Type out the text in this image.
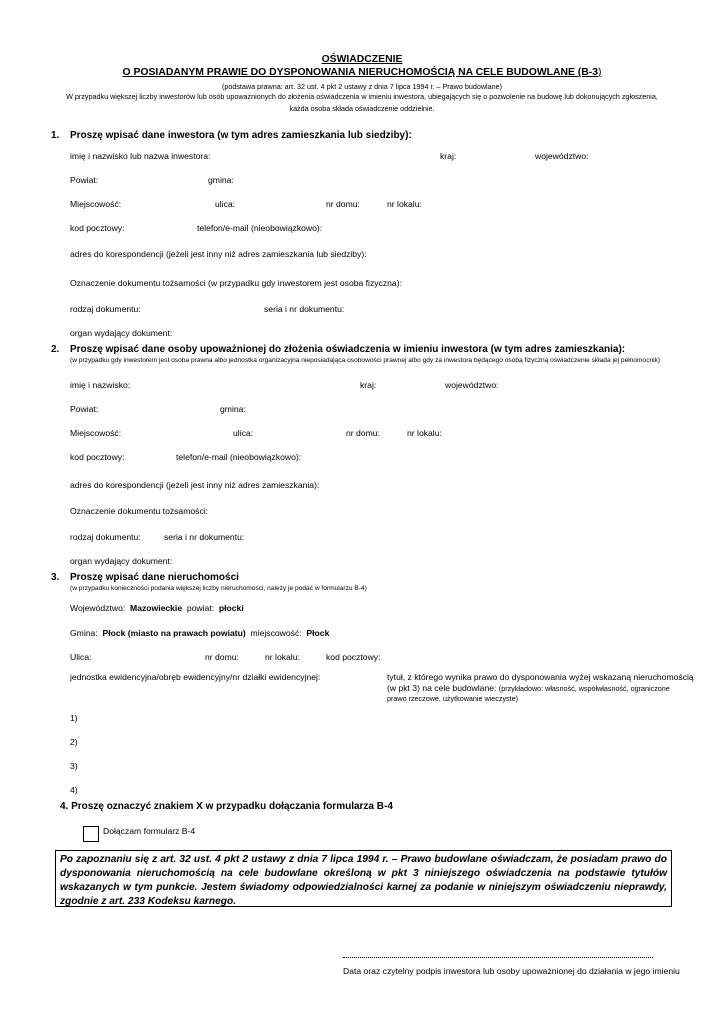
OŚWIADCZENIE
O POSIADANYM PRAWIE DO DYSPONOWANIA NIERUCHOMOŚCIĄ NA CELE BUDOWLANE (B-3)
(podstawa prawna: art. 32 ust. 4 pkt 2 ustawy z dnia 7 lipca 1994 r. – Prawo budowlane)
W przypadku większej liczby inwestorów lub osób upoważnionych do złożenia oświadczenia w imieniu inwestora, ubiegających się o pozwolenie na budowę lub dokonujących zgłoszenia,
każda osoba składa oświadczenie oddzielnie.
1. Proszę wpisać dane inwestora (w tym adres zamieszkania lub siedziby):
imię i nazwisko lub nazwa inwestora:	kraj:	województwo:
Powiat:	gmina:
Miejscowość:	ulica:	nr domu:	nr lokalu:
kod pocztowy:	telefon/e-mail (nieobowiązkowo):
adres do korespondencji (jeżeli jest inny niż adres zamieszkania lub siedziby):
Oznaczenie dokumentu tożsamości (w przypadku gdy inwestorem jest osoba fizyczna):
rodzaj dokumentu:	seria i nr dokumentu:
organ wydający dokument:
2. Proszę wpisać dane osoby upoważnionej do złożenia oświadczenia w imieniu inwestora (w tym adres zamieszkania):
(w przypadku gdy inwestorem jest osoba prawna albo jednostka organizacyjna nieposiadająca osobowości prawnej albo gdy za inwestora będącego osobą fizyczną oświadczenie składa jej pełnomocnik)
imię i nazwisko:	kraj:	województwo:
Powiat:	gmina:
Miejscowość:	ulica:	nr domu:	nr lokalu:
kod pocztowy:	telefon/e-mail (nieobowiązkowo):
adres do korespondencji (jeżeli jest inny niż adres zamieszkania):
Oznaczenie dokumentu tożsamości:
rodzaj dokumentu:	seria i nr dokumentu:
organ wydający dokument:
3. Proszę wpisać dane nieruchomości
(w przypadku konieczności podania większej liczby nieruchomości, należy je podać w formularzu B-4)
Województwo: Mazowieckie powiat: płocki
Gmina: Płock (miasto na prawach powiatu) miejscowość: Płock
Ulica:	nr domu:	nr lokalu:	kod pocztowy:
jednostka ewidencyjna/obręb ewidencyjny/nr działki ewidencyjnej:	tytuł, z którego wynika prawo do dysponowania wyżej wskazaną nieruchomością
(w pkt 3) na cele budowlane: (przykładowo: własność, współwłasność, ograniczone
prawo rzeczowe, użytkowanie wieczyste)
1)
2)
3)
4)
4. Proszę oznaczyć znakiem X w przypadku dołączania formularza B-4
Dołączam formularz B-4
Po zapoznaniu się z art. 32 ust. 4 pkt 2 ustawy z dnia 7 lipca 1994 r. – Prawo budowlane oświadczam, że posiadam prawo do dysponowania nieruchomością na cele budowlane określoną w pkt 3 niniejszego oświadczenia na podstawie tytułów wskazanych w tym punkcie. Jestem świadomy odpowiedzialności karnej za podanie w niniejszym oświadczeniu nieprawdy, zgodnie z art. 233 Kodeksu karnego.
Data oraz czytelny podpis inwestora lub osoby upoważnionej do działania w jego imieniu
